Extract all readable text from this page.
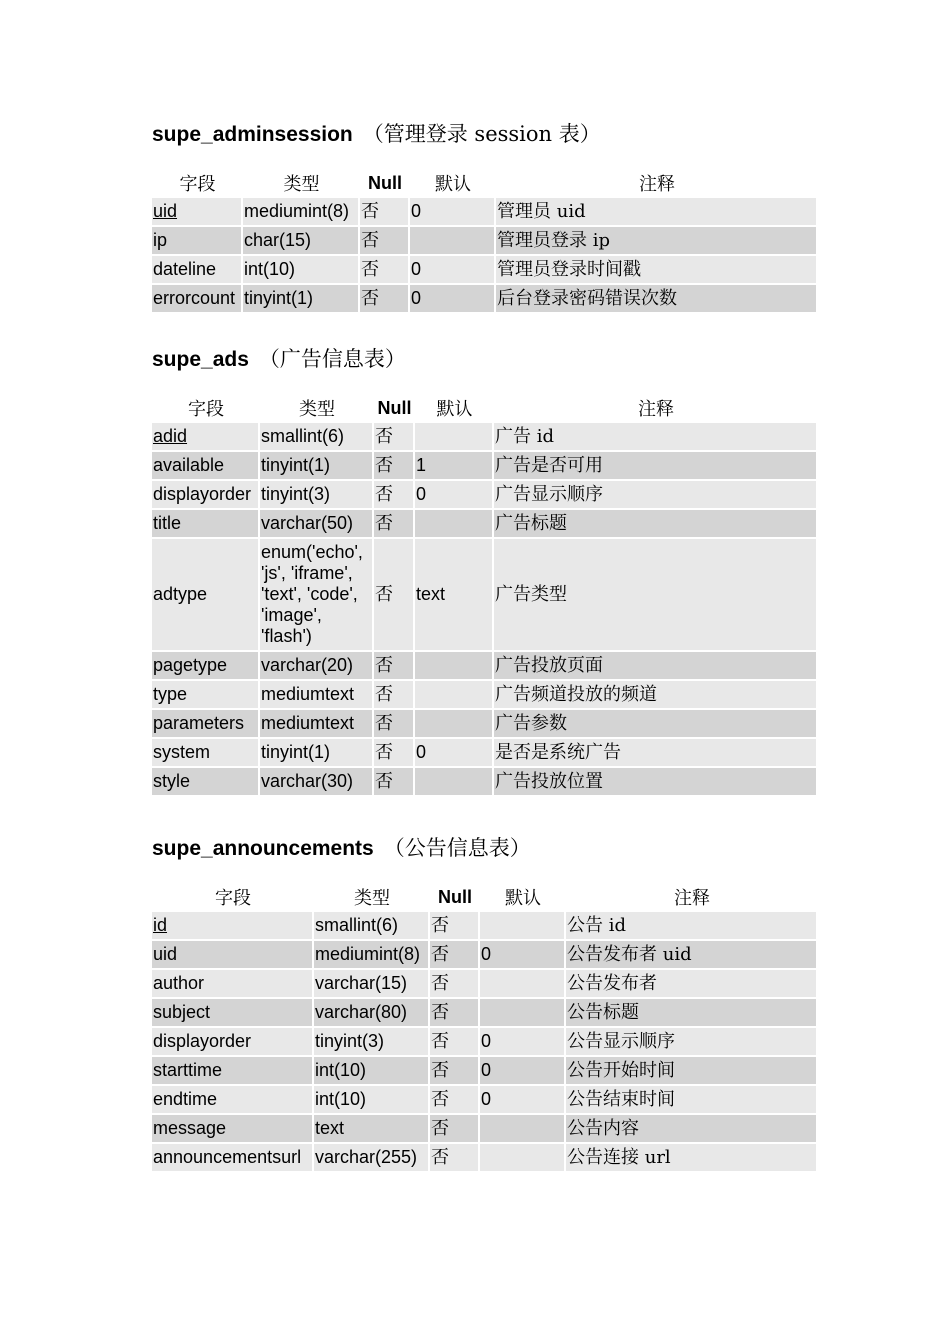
supe_adminsession （管理登录 session 表）
字段	类型	Null	默认	注释
uid	mediumint(8)	否	0	管理员 uid
ip	char(15)	否		管理员登录 ip
dateline	int(10)	否	0	管理员登录时间戳
errorcount	tinyint(1)	否	0	后台登录密码错误次数
supe_ads （广告信息表）
字段	类型	Null	默认	注释
adid	smallint(6)	否		广告 id
available	tinyint(1)	否	1	广告是否可用
displayorder	tinyint(3)	否	0	广告显示顺序
title	varchar(50)	否		广告标题
adtype	enum('echo', 'js', 'iframe', 'text', 'code', 'image', 'flash')	否	text	广告类型
pagetype	varchar(20)	否		广告投放页面
type	mediumtext	否		广告频道投放的频道
parameters	mediumtext	否		广告参数
system	tinyint(1)	否	0	是否是系统广告
style	varchar(30)	否		广告投放位置
supe_announcements （公告信息表）
字段	类型	Null	默认	注释
id	smallint(6)	否		公告 id
uid	mediumint(8)	否	0	公告发布者 uid
author	varchar(15)	否		公告发布者
subject	varchar(80)	否		公告标题
displayorder	tinyint(3)	否	0	公告显示顺序
starttime	int(10)	否	0	公告开始时间
endtime	int(10)	否	0	公告结束时间
message	text	否		公告内容
announcementsurl	varchar(255)	否		公告连接 url
